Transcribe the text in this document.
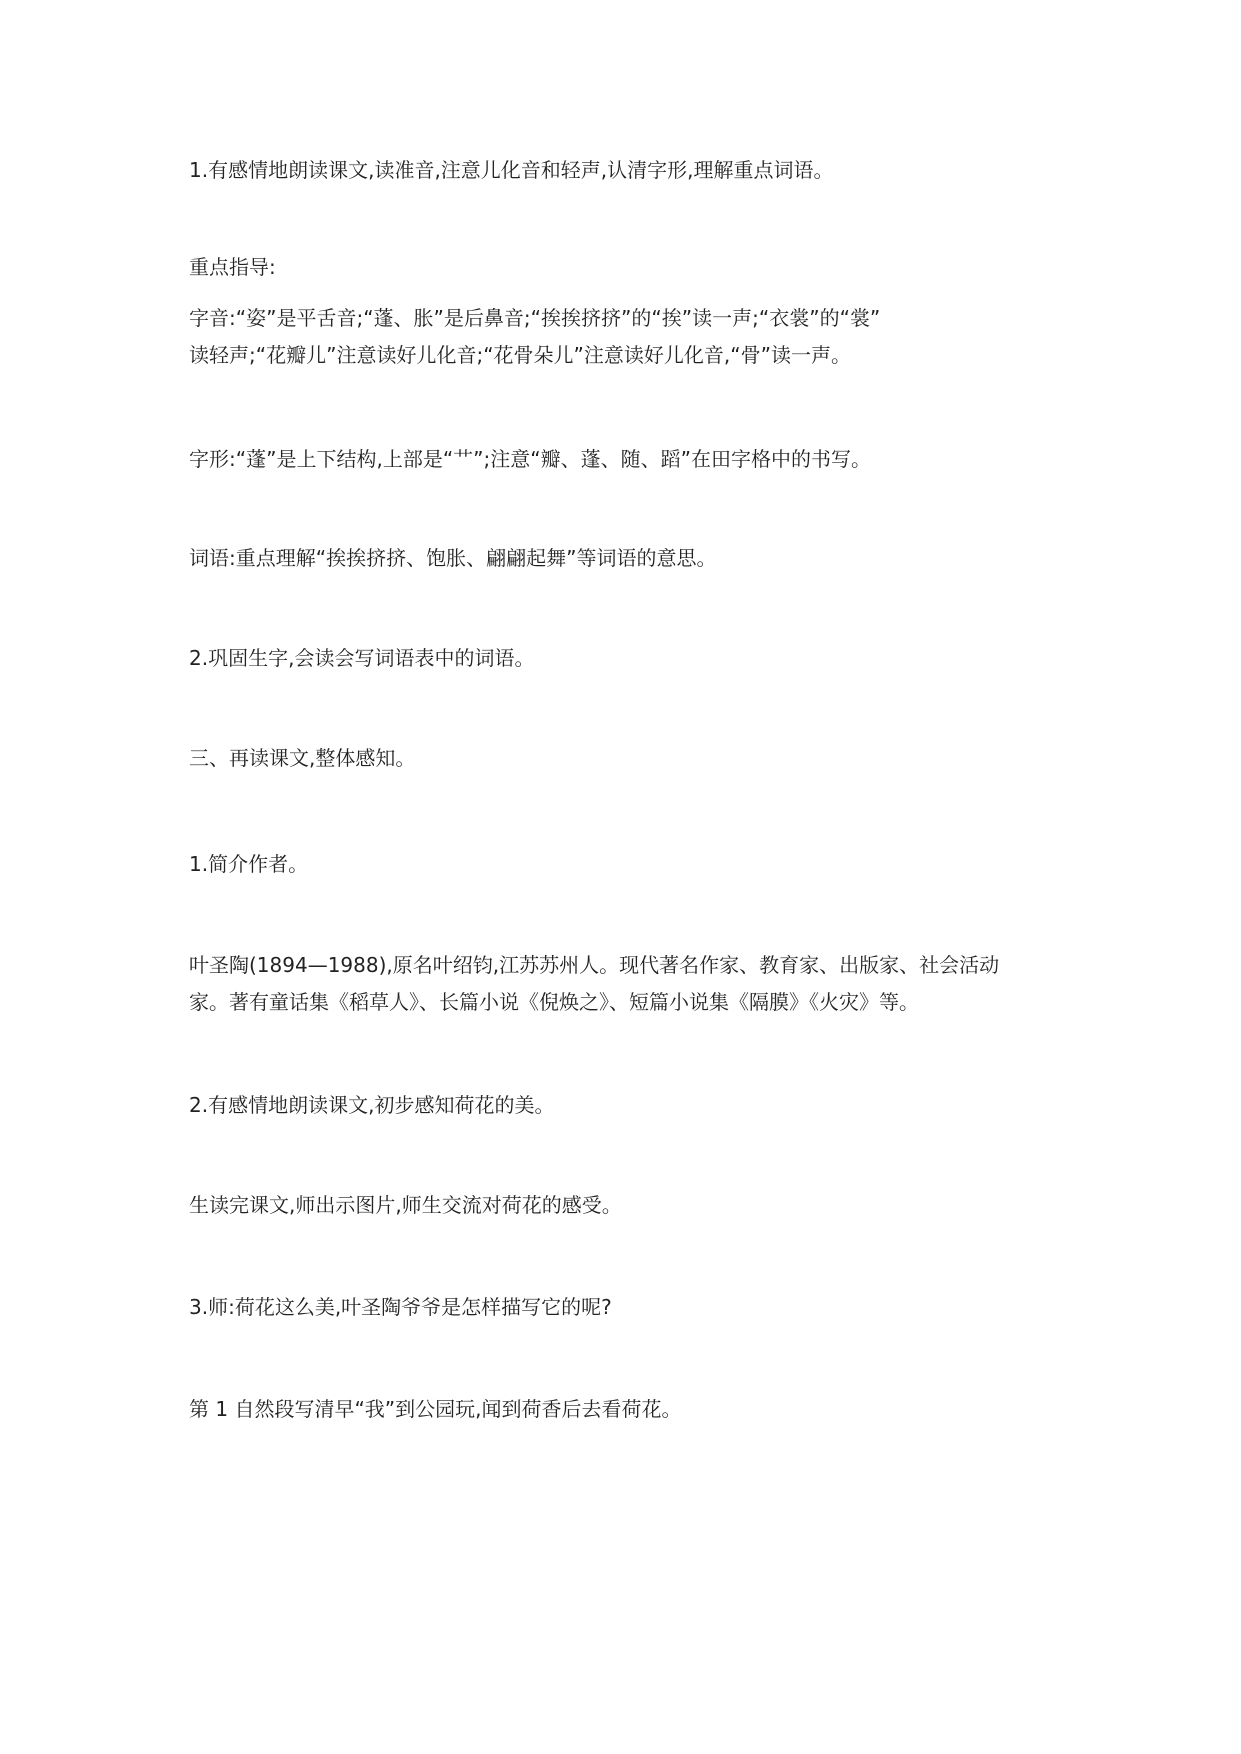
1.有感情地朗读课文,读准音,注意儿化音和轻声,认清字形,理解重点词语。

重点指导:

字音:“姿”是平舌音;“蓬、胀”是后鼻音;“挨挨挤挤”的“挨”读一声;“衣裳”的“裳”
读轻声;“花瓣儿”注意读好儿化音;“花骨朵儿”注意读好儿化音,“骨”读一声。

字形:“蓬”是上下结构,上部是“艹”;注意“瓣、蓬、随、蹈”在田字格中的书写。

词语:重点理解“挨挨挤挤、饱胀、翩翩起舞”等词语的意思。

2.巩固生字,会读会写词语表中的词语。

三、再读课文,整体感知。

1.简介作者。

叶圣陶(1894—1988),原名叶绍钧,江苏苏州人。现代著名作家、教育家、出版家、社会活动
家。著有童话集《稻草人》、长篇小说《倪焕之》、短篇小说集《隔膜》《火灾》等。

2.有感情地朗读课文,初步感知荷花的美。

生读完课文,师出示图片,师生交流对荷花的感受。

3.师:荷花这么美,叶圣陶爷爷是怎样描写它的呢?

第 1 自然段写清早“我”到公园玩,闻到荷香后去看荷花。
